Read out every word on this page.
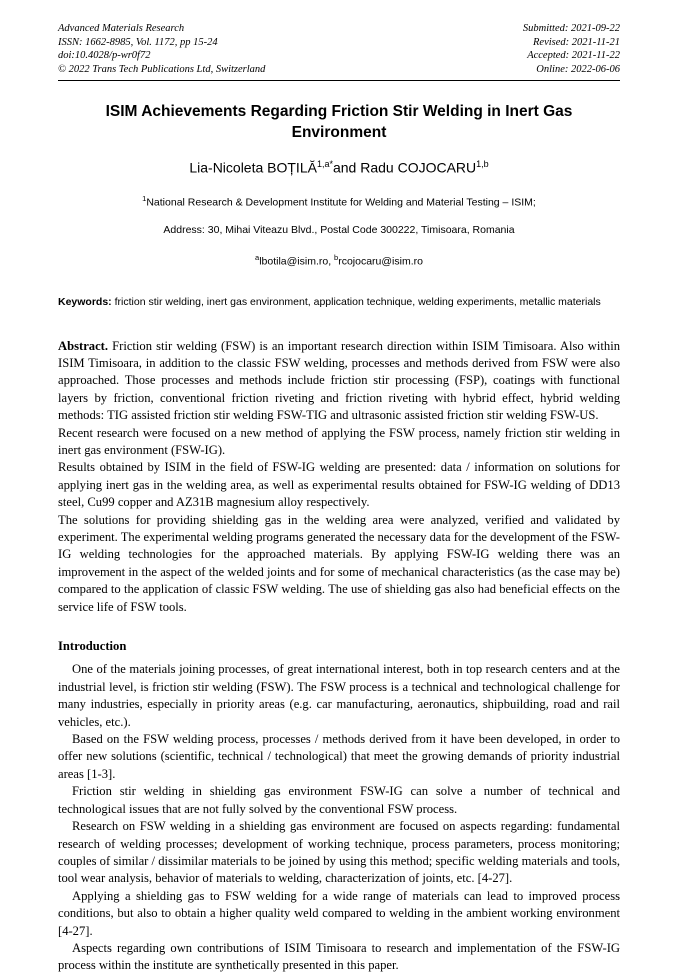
Advanced Materials Research
ISSN: 1662-8985, Vol. 1172, pp 15-24
doi:10.4028/p-wr0f72
© 2022 Trans Tech Publications Ltd, Switzerland
Submitted: 2021-09-22
Revised: 2021-11-21
Accepted: 2021-11-22
Online: 2022-06-06
ISIM Achievements Regarding Friction Stir Welding in Inert Gas Environment
Lia-Nicoleta $BOȚILĂ^{1,a*}and$ Radu COJOCARU$^{1,b}$
$^1$National Research & Development Institute for Welding and Material Testing – ISIM;
Address: 30, Mihai Viteazu Blvd., Postal Code 300222, Timisoara, Romania
$^a$lbotila@isim.ro, $^b$rcojocaru@isim.ro
Keywords: friction stir welding, inert gas environment, application technique, welding experiments, metallic materials

Abstract. Friction stir welding (FSW) is an important research direction within ISIM Timisoara. Also within ISIM Timisoara, in addition to the classic FSW welding, processes and methods derived from FSW were also approached. Those processes and methods include friction stir processing (FSP), coatings with functional layers by friction, conventional friction riveting and friction riveting with hybrid effect, hybrid welding methods: TIG assisted friction stir welding FSW-TIG and ultrasonic assisted friction stir welding FSW-US.

Recent research were focused on a new method of applying the FSW process, namely friction stir welding in inert gas environment (FSW-IG).

Results obtained by ISIM in the field of FSW-IG welding are presented: data / information on solutions for applying inert gas in the welding area, as well as experimental results obtained for FSW-IG welding of DD13 steel, Cu99 copper and AZ31B magnesium alloy respectively.

The solutions for providing shielding gas in the welding area were analyzed, verified and validated by experiment. The experimental welding programs generated the necessary data for the development of the FSW-IG welding technologies for the approached materials. By applying FSW-IG welding there was an improvement in the aspect of the welded joints and for some of mechanical characteristics (as the case may be) compared to the application of classic FSW welding. The use of shielding gas also had beneficial effects on the service life of FSW tools.

Introduction

One of the materials joining processes, of great international interest, both in top research centers and at the industrial level, is friction stir welding (FSW). The FSW process is a technical and technological challenge for many industries, especially in priority areas (e.g. car manufacturing, aeronautics, shipbuilding, road and rail vehicles, etc.).

Based on the FSW welding process, processes / methods derived from it have been developed, in order to offer new solutions (scientific, technical / technological) that meet the growing demands of priority industrial areas [1-3].

Friction stir welding in shielding gas environment FSW-IG can solve a number of technical and technological issues that are not fully solved by the conventional FSW process.

Research on FSW welding in a shielding gas environment are focused on aspects regarding: fundamental research of welding processes; development of working technique, process parameters, process monitoring; couples of similar / dissimilar materials to be joined by using this method; specific welding materials and tools, tool wear analysis, behavior of materials to welding, characterization of joints, etc. [4-27].

Applying a shielding gas to FSW welding for a wide range of materials can lead to improved process conditions, but also to obtain a higher quality weld compared to welding in the ambient working environment [4-27].

Aspects regarding own contributions of ISIM Timisoara to research and implementation of the FSW-IG process within the institute are synthetically presented in this paper.
